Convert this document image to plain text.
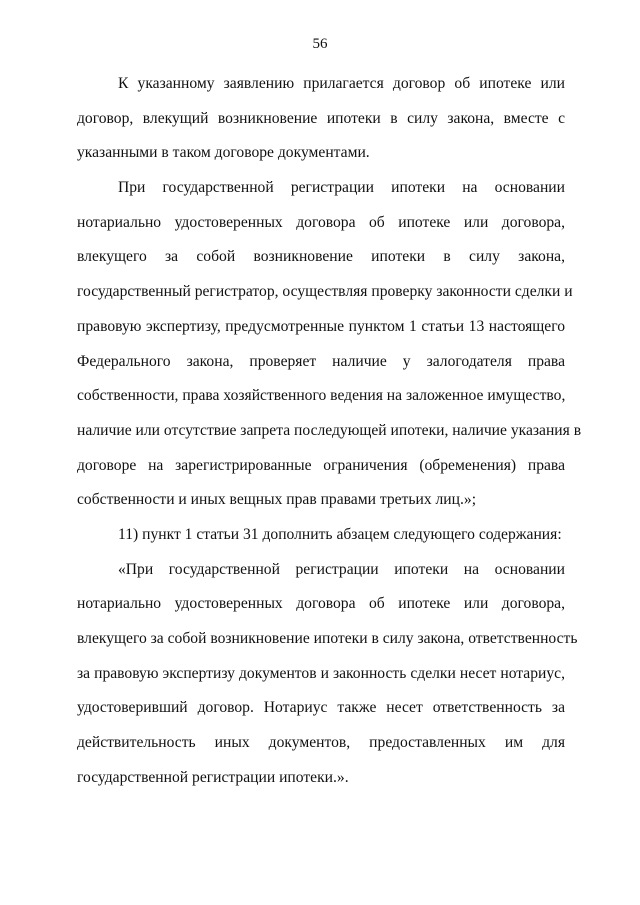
56
К указанному заявлению прилагается договор об ипотеке или
договор, влекущий возникновение ипотеки в силу закона, вместе с
указанными в таком договоре документами.
При государственной регистрации ипотеки на основании
нотариально удостоверенных договора об ипотеке или договора,
влекущего за собой возникновение ипотеки в силу закона,
государственный регистратор, осуществляя проверку законности сделки и
правовую экспертизу, предусмотренные пунктом 1 статьи 13 настоящего
Федерального закона, проверяет наличие у залогодателя права
собственности, права хозяйственного ведения на заложенное имущество,
наличие или отсутствие запрета последующей ипотеки, наличие указания в
договоре на зарегистрированные ограничения (обременения) права
собственности и иных вещных прав правами третьих лиц.»;
11) пункт 1 статьи 31 дополнить абзацем следующего содержания:
«При государственной регистрации ипотеки на основании
нотариально удостоверенных договора об ипотеке или договора,
влекущего за собой возникновение ипотеки в силу закона, ответственность
за правовую экспертизу документов и законность сделки несет нотариус,
удостоверивший договор. Нотариус также несет ответственность за
действительность иных документов, предоставленных им для
государственной регистрации ипотеки.».
